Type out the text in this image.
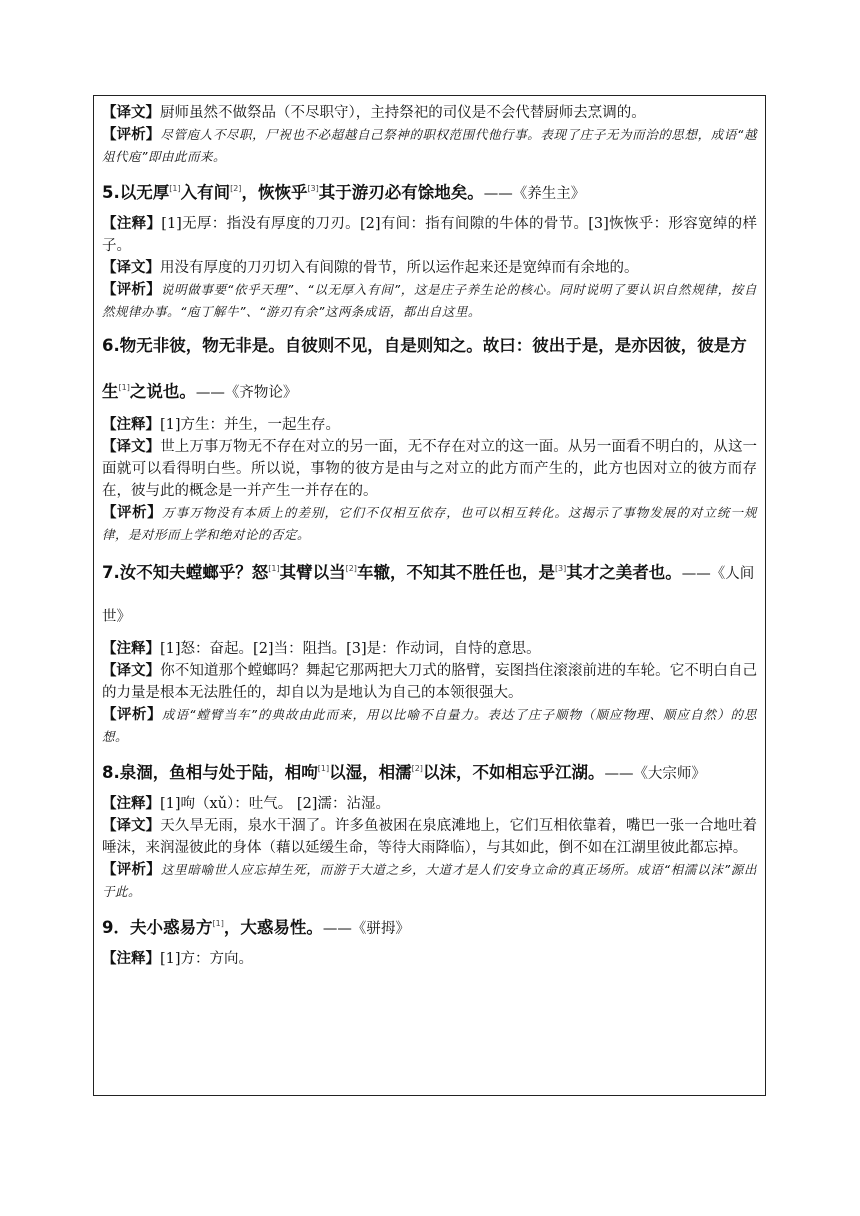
【译文】厨师虽然不做祭品（不尽职守），主持祭祀的司仪是不会代替厨师去烹调的。
【评析】尽管庖人不尽职，尸祝也不必超越自己祭神的职权范围代他行事。表现了庄子无为而治的思想，成语“越俎代庖”即由此而来。
5.以无厚[1]入有间[2]，恢恢乎[3]其于游刃必有馀地矣。——《养生主》
【注释】[1]无厚：指没有厚度的刀刃。[2]有间：指有间隙的牛体的骨节。[3]恢恢乎：形容宽绰的样子。
【译文】用没有厚度的刀刃切入有间隙的骨节，所以运作起来还是宽绰而有余地的。
【评析】说明做事要“依乎天理”、“以无厚入有间”，这是庄子养生论的核心。同时说明了要认识自然规律，按自然规律办事。“庖丁解牛”、“游刃有余”这两条成语，都出自这里。
6.物无非彼，物无非是。自彼则不见，自是则知之。故曰：彼出于是，是亦因彼，彼是方生[1]之说也。——《齐物论》
【注释】[1]方生：并生，一起生存。
【译文】世上万事万物无不存在对立的另一面，无不存在对立的这一面。从另一面看不明白的，从这一面就可以看得明白些。所以说，事物的彼方是由与之对立的此方而产生的，此方也因对立的彼方而存在，彼与此的概念是一并产生一并存在的。
【评析】万事万物没有本质上的差别，它们不仅相互依存，也可以相互转化。这揭示了事物发展的对立统一规律，是对形而上学和绝对论的否定。
7.汝不知夫螳螂乎？怒[1]其臂以当[2]车辙，不知其不胜任也，是[3]其才之美者也。——《人间世》
【注释】[1]怒：奋起。[2]当：阻挡。[3]是：作动词，自恃的意思。
【译文】你不知道那个螳螂吗？舞起它那两把大刀式的胳臂，妄图挡住滚滚前进的车轮。它不明白自己的力量是根本无法胜任的，却自以为是地认为自己的本领很强大。
【评析】成语“螳臂当车”的典故由此而来，用以比喻不自量力。表达了庄子顺物（顺应物理、顺应自然）的思想。
8.泉涸，鱼相与处于陆，相呴[1]以湿，相濡[2]以沫，不如相忘乎江湖。——《大宗师》
【注释】[1]呴（xǔ）：吐气。 [2]濡：沾湿。
【译文】天久旱无雨，泉水干涸了。许多鱼被困在泉底滩地上，它们互相依靠着，嘴巴一张一合地吐着唾沫，来润湿彼此的身体（藉以延缓生命，等待大雨降临），与其如此，倒不如在江湖里彼此都忘掉。
【评析】这里暗喻世人应忘掉生死，而游于大道之乡，大道才是人们安身立命的真正场所。成语“相濡以沫”源出于此。
9．夫小惑易方[1]，大惑易性。——《骈拇》
【注释】[1]方：方向。
